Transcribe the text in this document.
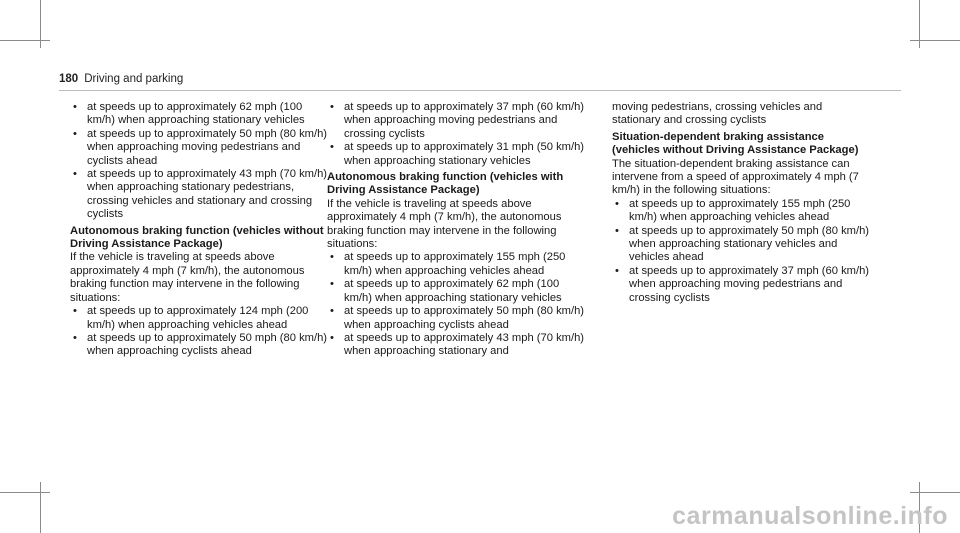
180 Driving and parking
• at speeds up to approximately 62 mph (100 km/h) when approaching stationary vehicles
• at speeds up to approximately 50 mph (80 km/h) when approaching moving pedestrians and cyclists ahead
• at speeds up to approximately 43 mph (70 km/h) when approaching stationary pedestrians, crossing vehicles and stationary and crossing cyclists
Autonomous braking function (vehicles without Driving Assistance Package)
If the vehicle is traveling at speeds above approximately 4 mph (7 km/h), the autonomous braking function may intervene in the following situations:
• at speeds up to approximately 124 mph (200 km/h) when approaching vehicles ahead
• at speeds up to approximately 50 mph (80 km/h) when approaching cyclists ahead
• at speeds up to approximately 37 mph (60 km/h) when approaching moving pedestrians and crossing cyclists
• at speeds up to approximately 31 mph (50 km/h) when approaching stationary vehicles
Autonomous braking function (vehicles with Driving Assistance Package)
If the vehicle is traveling at speeds above approximately 4 mph (7 km/h), the autonomous braking function may intervene in the following situations:
• at speeds up to approximately 155 mph (250 km/h) when approaching vehicles ahead
• at speeds up to approximately 62 mph (100 km/h) when approaching stationary vehicles
• at speeds up to approximately 50 mph (80 km/h) when approaching cyclists ahead
• at speeds up to approximately 43 mph (70 km/h) when approaching stationary and
moving pedestrians, crossing vehicles and stationary and crossing cyclists
Situation-dependent braking assistance (vehicles without Driving Assistance Package)
The situation-dependent braking assistance can intervene from a speed of approximately 4 mph (7 km/h) in the following situations:
• at speeds up to approximately 155 mph (250 km/h) when approaching vehicles ahead
• at speeds up to approximately 50 mph (80 km/h) when approaching stationary vehicles and vehicles ahead
• at speeds up to approximately 37 mph (60 km/h) when approaching moving pedestrians and crossing cyclists
carmanualsonline.info
